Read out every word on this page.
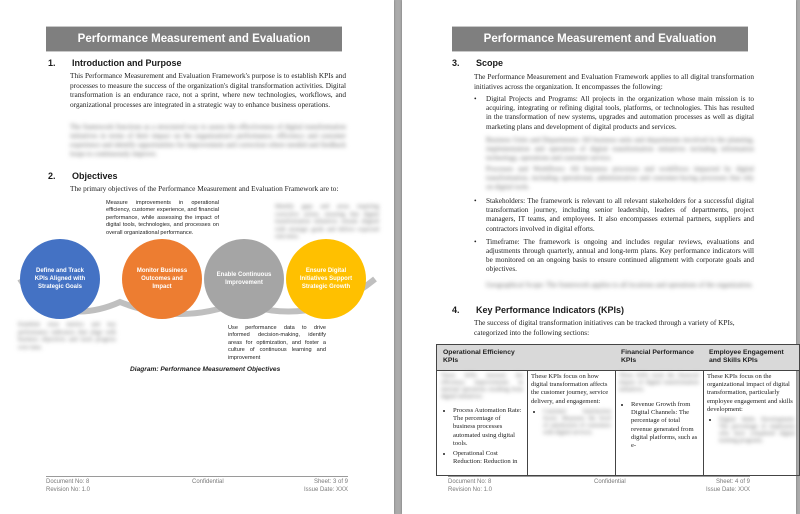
Performance Measurement and Evaluation Framework
1. Introduction and Purpose
This Performance Measurement and Evaluation Framework's purpose is to establish KPIs and processes to measure the success of the organization's digital transformation activities. Digital transformation is an endurance race, not a sprint, where new technologies, workflows, and organizational processes are integrated in a strategic way to enhance business operations.
The framework functions as a structured way to assess the effectiveness of digital transformation initiatives in terms of their impact on the organization's performance, efficiency and customer experience and identify opportunities for improvement and correction where needed and feedback loops to continuously improve.
2. Objectives
The primary objectives of the Performance Measurement and Evaluation Framework are to:
Measure improvements in operational efficiency, customer experience, and financial performance, while assessing the impact of digital tools, technologies, and processes on overall organizational performance.
Identify gaps and areas requiring corrective action, ensuring that digital transformation initiatives remain aligned with strategic goals and deliver expected outcomes.
Define and Track KPIs Aligned with Strategic Goals
Monitor Business Outcomes and Impact
Enable Continuous Improvement
Ensure Digital Initiatives Support Strategic Growth
Establish clear metrics and key performance indicators that align with business objectives and track progress over time.
Use performance data to drive informed decision-making, identify areas for optimization, and foster a culture of continuous learning and improvement
Diagram: Performance Measurement Objectives
Document No: 8
Revision No: 1.0
Confidential	Sheet: 3 of 9
Issue Date: XXX
Performance Measurement and Evaluation Framework
3. Scope
The Performance Measurement and Evaluation Framework applies to all digital transformation initiatives across the organization. It encompasses the following:
• Digital Projects and Programs: All projects in the organization whose main mission is to acquiring, integrating or refining digital tools, platforms, or technologies. This has resulted in the transformation of new systems, upgrades and automation processes as well as digital marketing plans and development of digital products and services.
Business Units and Departments: All business units and departments involved in the planning, implementation and operation of digital transformation initiatives including information technology, operations and customer service.
Processes and Workflows: All business processes and workflows impacted by digital transformation, including operational, administrative and customer-facing processes that rely on digital tools.
• Stakeholders: The framework is relevant to all relevant stakeholders for a successful digital transformation journey, including senior leadership, leaders of departments, project managers, IT teams, and employees. It also encompasses external partners, suppliers and contractors involved in digital efforts.
• Timeframe: The framework is ongoing and includes regular reviews, evaluations and adjustments through quarterly, annual and long-term plans. Key performance indicators will be monitored on an ongoing basis to ensure continued alignment with corporate goals and objectives.
Geographical Scope: The framework applies to all locations and operations of the organization.
4. Key Performance Indicators (KPIs)
The success of digital transformation initiatives can be tracked through a variety of KPIs, categorized into the following sections:
Operational Efficiency KPIs
These KPIs measure the efficiency improvements in internal operations resulting from digital initiatives:
• Process Automation Rate: The percentage of business processes automated using digital tools.
• Operational Cost Reduction: Reduction in
These KPIs focus on how digital transformation affects the customer journey, service delivery, and engagement:
• Customer Satisfaction Score: Measures the level of satisfaction of customers with digital services.
Financial Performance KPIs
These KPIs track the financial impact of digital transformation initiatives:
• Revenue Growth from Digital Channels: The percentage of total revenue generated from digital platforms, such as e-
Employee Engagement and Skills KPIs
These KPIs focus on the organizational impact of digital transformation, particularly employee engagement and skills development:
• Digital Skills Development: The percentage of employees who have completed digital training programs.
Document No: 8
Revision No: 1.0
Confidential	Sheet: 4 of 9
Issue Date: XXX
